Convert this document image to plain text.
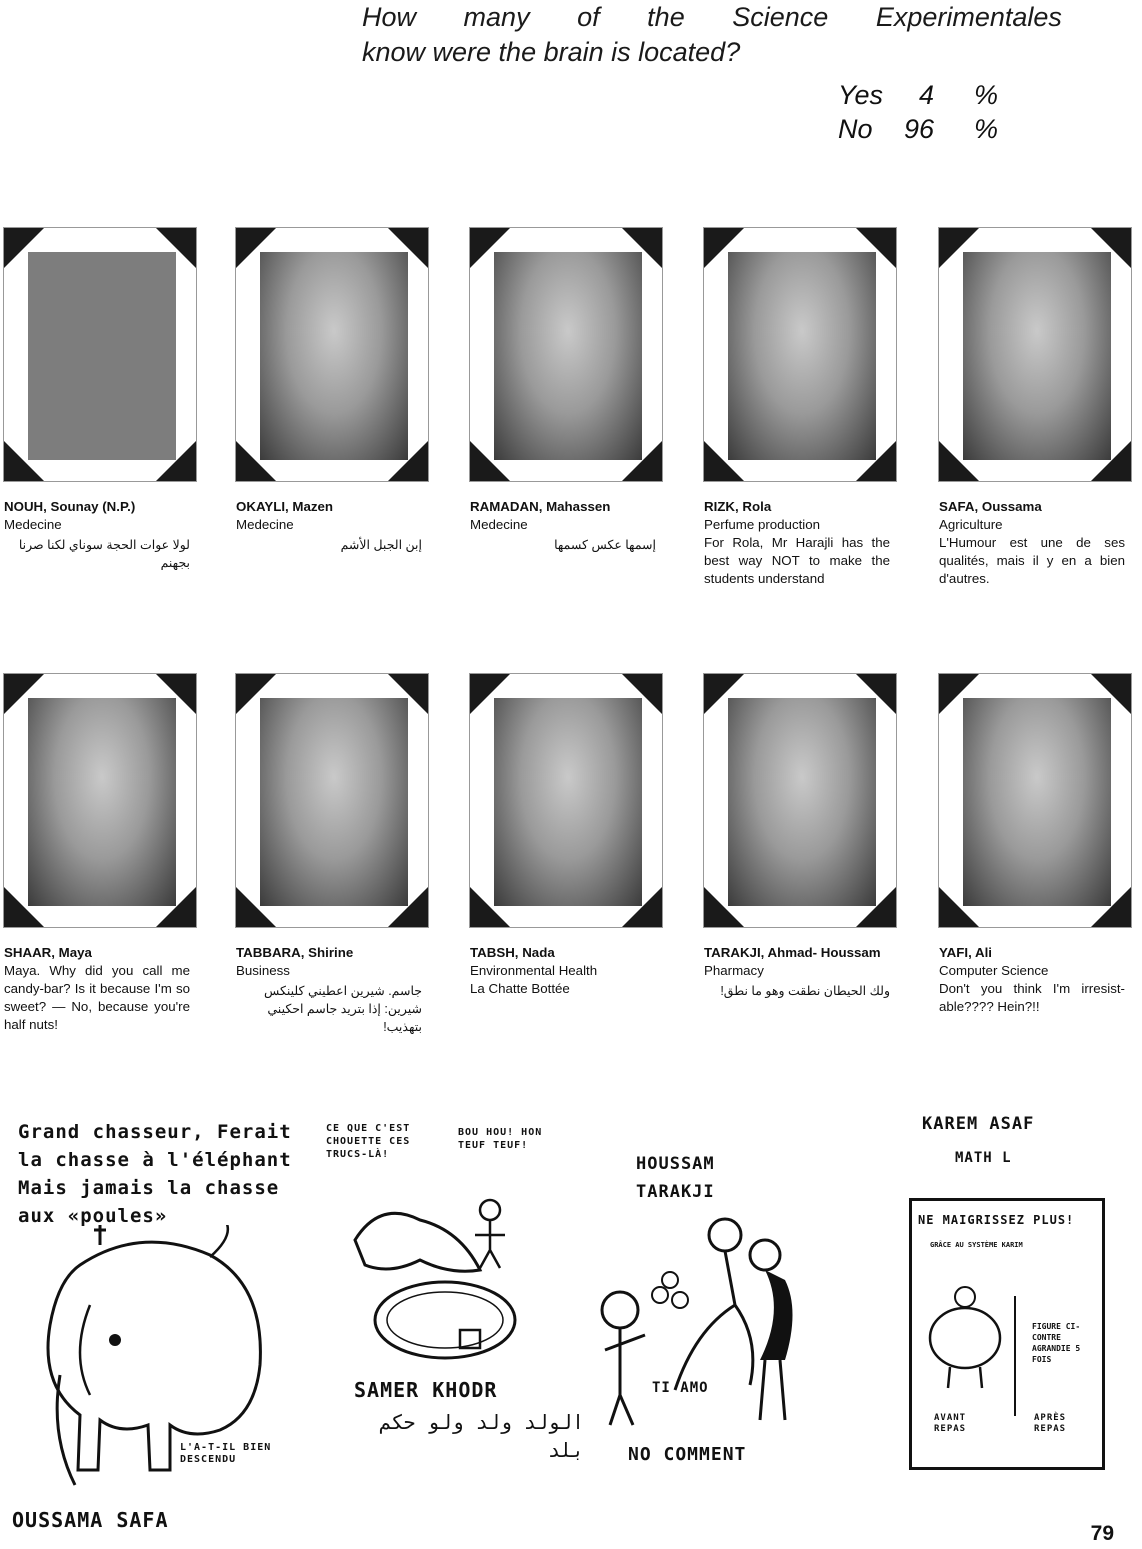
How many of the Science Experimentales
know were the brain is located?
Yes	4	%
No	96	%
NOUH, Sounay (N.P.)
Medecine
لولا عوات الحجة سوناي لكنا صرنا بجهنم
OKAYLI, Mazen
Medecine
إبن الجبل الأشم
RAMADAN, Mahassen
Medecine
إسمها عكس كسمها
RIZK, Rola
Perfume production
For Rola, Mr Harajli has the best way NOT to make the students understand
SAFA, Oussama
Agriculture
L'Humour est une de ses qualités, mais il y en a bien d'autres.
SHAAR, Maya
Maya. Why did you call me candy-bar? Is it because I'm so sweet? — No, because you're half nuts!
TABBARA, Shirine
Business
جاسم. شيرين اعطيني كلينكس شيرين: إذا بتريد جاسم احكيني بتهذيب!
TABSH, Nada
Environmental Health
La Chatte Bottée
TARAKJI, Ahmad- Houssam
Pharmacy
ولك الحيطان نطقت وهو ما نطق!
YAFI, Ali
Computer Science
Don't you think I'm irresist-able???? Hein?!!
Grand chasseur, Ferait la chasse à l'éléphant Mais jamais la chasse aux «poules»
L'A-T-IL BIEN DESCENDU
OUSSAMA SAFA
CE QUE C'EST CHOUETTE CES TRUCS-LÀ!
BOU HOU! HON TEUF TEUF!
SAMER KHODR
الولد ولد ولو حكم بلد
HOUSSAM TARAKJI
TI AMO
NO COMMENT
KAREM ASAF
MATH L
NE MAIGRISSEZ PLUS!
GRÂCE AU SYSTÈME KARIM
FIGURE CI-CONTRE AGRANDIE 5 FOIS
AVANT REPAS
APRÈS REPAS
79
